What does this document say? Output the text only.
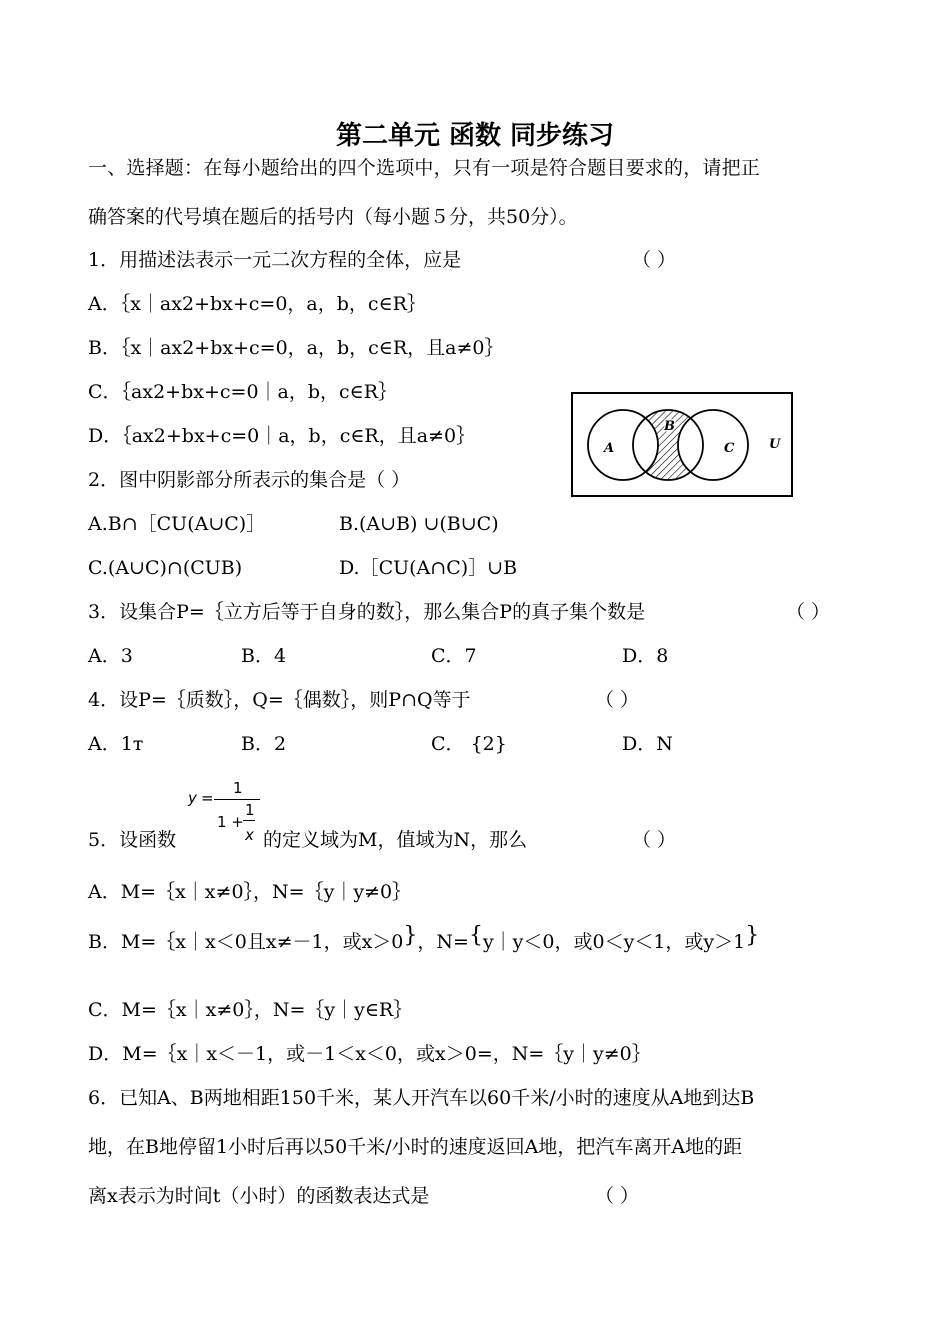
第二单元 函数 同步练习
一、选择题：在每小题给出的四个选项中，只有一项是符合题目要求的，请把正
确答案的代号填在题后的括号内（每小题５分，共50分）。
1．用描述法表示一元二次方程的全体，应是	（ ）
A．｛x｜ax2+bx+c=0，a，b，c∈R｝
B．｛x｜ax2+bx+c=0，a，b，c∈R，且a≠0｝
C．｛ax2+bx+c=0｜a，b，c∈R｝
D．｛ax2+bx+c=0｜a，b，c∈R，且a≠0｝
A
B
C	U
2．图中阴影部分所表示的集合是（ ）
A.B∩［CU(A∪C)］	B.(A∪B) ∪(B∪C)
C.(A∪C)∩(CUB)	D.［CU(A∩C)］∪B
3．设集合P=｛立方后等于自身的数｝，那么集合P的真子集个数是	（ ）
A．3	B．4	C．7	D．8
4．设P=｛质数｝，Q=｛偶数｝，则P∩Q等于	（ ）
A．1т	B．2	C． {2}	D．N
y =
1
1 +
1
x
5．设函数	的定义域为M，值域为N，那么	（ ）
A．M=｛x｜x≠0｝，N=｛y｜y≠0｝
B．M=｛x｜x＜0且x≠－1，或x＞0}，N={y｜y＜0，或0＜y＜1，或y＞1}
C．M=｛x｜x≠0｝，N=｛y｜y∈R｝
D．M=｛x｜x＜－1，或－1＜x＜0，或x＞0=，N=｛y｜y≠0｝
6．已知A、B两地相距150千米，某人开汽车以60千米/小时的速度从A地到达B
地，在B地停留1小时后再以50千米/小时的速度返回A地，把汽车离开A地的距
离x表示为时间t（小时）的函数表达式是	（ ）
